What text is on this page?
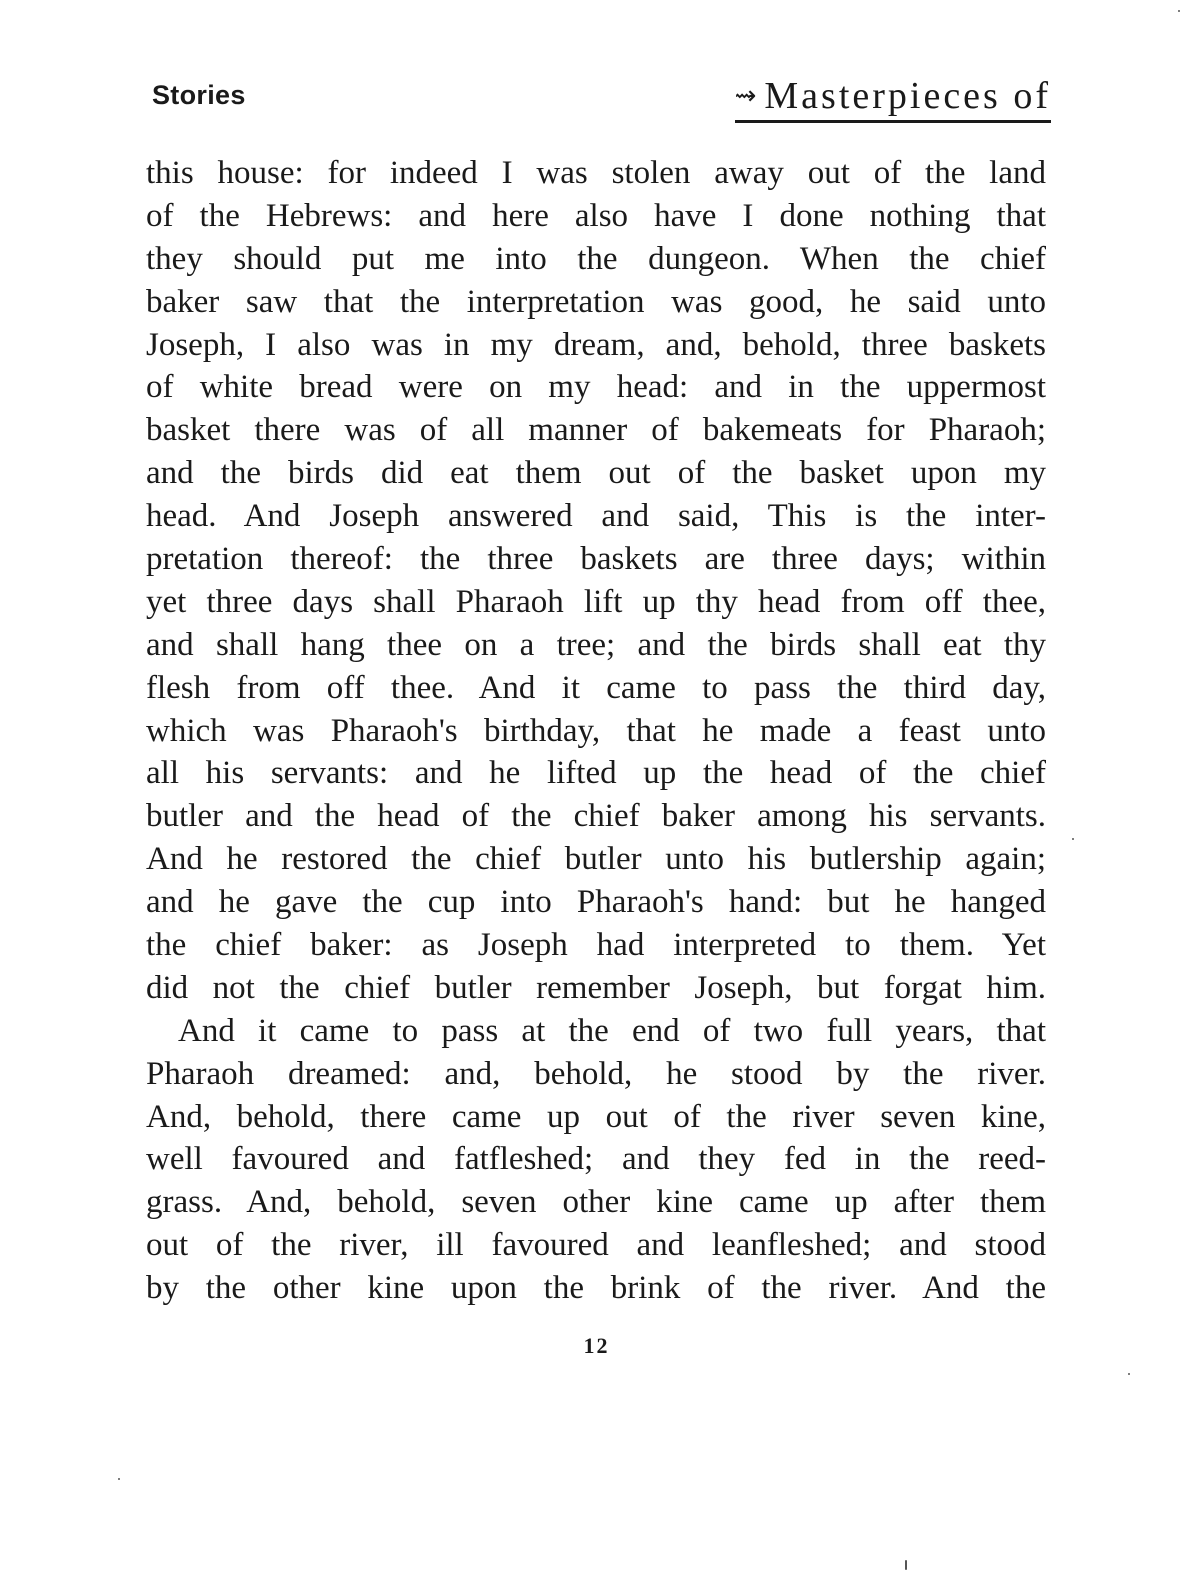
Stories	⇝ Masterpieces of
this house: for indeed I was stolen away out of the land
of the Hebrews: and here also have I done nothing that
they should put me into the dungeon. When the chief
baker saw that the interpretation was good, he said unto
Joseph, I also was in my dream, and, behold, three baskets
of white bread were on my head: and in the uppermost
basket there was of all manner of bakemeats for Pharaoh;
and the birds did eat them out of the basket upon my
head. And Joseph answered and said, This is the inter-
pretation thereof: the three baskets are three days; within
yet three days shall Pharaoh lift up thy head from off thee,
and shall hang thee on a tree; and the birds shall eat thy
flesh from off thee. And it came to pass the third day,
which was Pharaoh's birthday, that he made a feast unto
all his servants: and he lifted up the head of the chief
butler and the head of the chief baker among his servants.
And he restored the chief butler unto his butlership again;
and he gave the cup into Pharaoh's hand: but he hanged
the chief baker: as Joseph had interpreted to them. Yet
did not the chief butler remember Joseph, but forgat him.
And it came to pass at the end of two full years, that
Pharaoh dreamed: and, behold, he stood by the river.
And, behold, there came up out of the river seven kine,
well favoured and fatfleshed; and they fed in the reed-
grass. And, behold, seven other kine came up after them
out of the river, ill favoured and leanfleshed; and stood
by the other kine upon the brink of the river. And the
12
